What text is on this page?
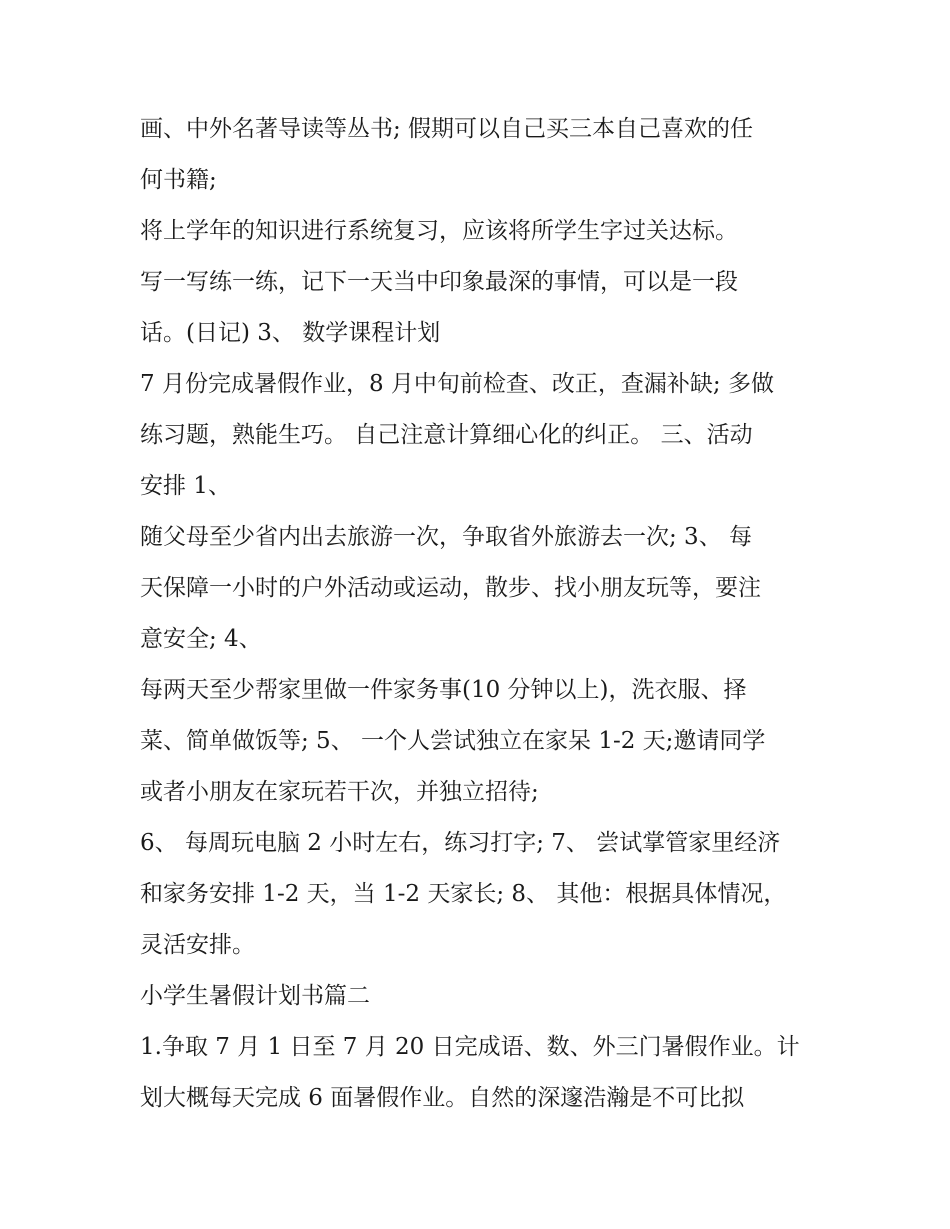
画、中外名著导读等丛书; 假期可以自己买三本自己喜欢的任

何书籍;

将上学年的知识进行系统复习，应该将所学生字过关达标。

写一写练一练，记下一天当中印象最深的事情，可以是一段

话。(日记) 3、 数学课程计划

7 月份完成暑假作业，8 月中旬前检查、改正，查漏补缺; 多做

练习题，熟能生巧。 自己注意计算细心化的纠正。 三、活动

安排 1、

随父母至少省内出去旅游一次，争取省外旅游去一次; 3、 每

天保障一小时的户外活动或运动，散步、找小朋友玩等，要注

意安全; 4、

每两天至少帮家里做一件家务事(10 分钟以上)，洗衣服、择

菜、简单做饭等; 5、 一个人尝试独立在家呆 1-2 天;邀请同学

或者小朋友在家玩若干次，并独立招待;

6、 每周玩电脑 2 小时左右，练习打字; 7、 尝试掌管家里经济

和家务安排 1-2 天，当 1-2 天家长; 8、 其他：根据具体情况，

灵活安排。

小学生暑假计划书篇二

1.争取 7 月 1 日至 7 月 20 日完成语、数、外三门暑假作业。计

划大概每天完成 6 面暑假作业。自然的深邃浩瀚是不可比拟
